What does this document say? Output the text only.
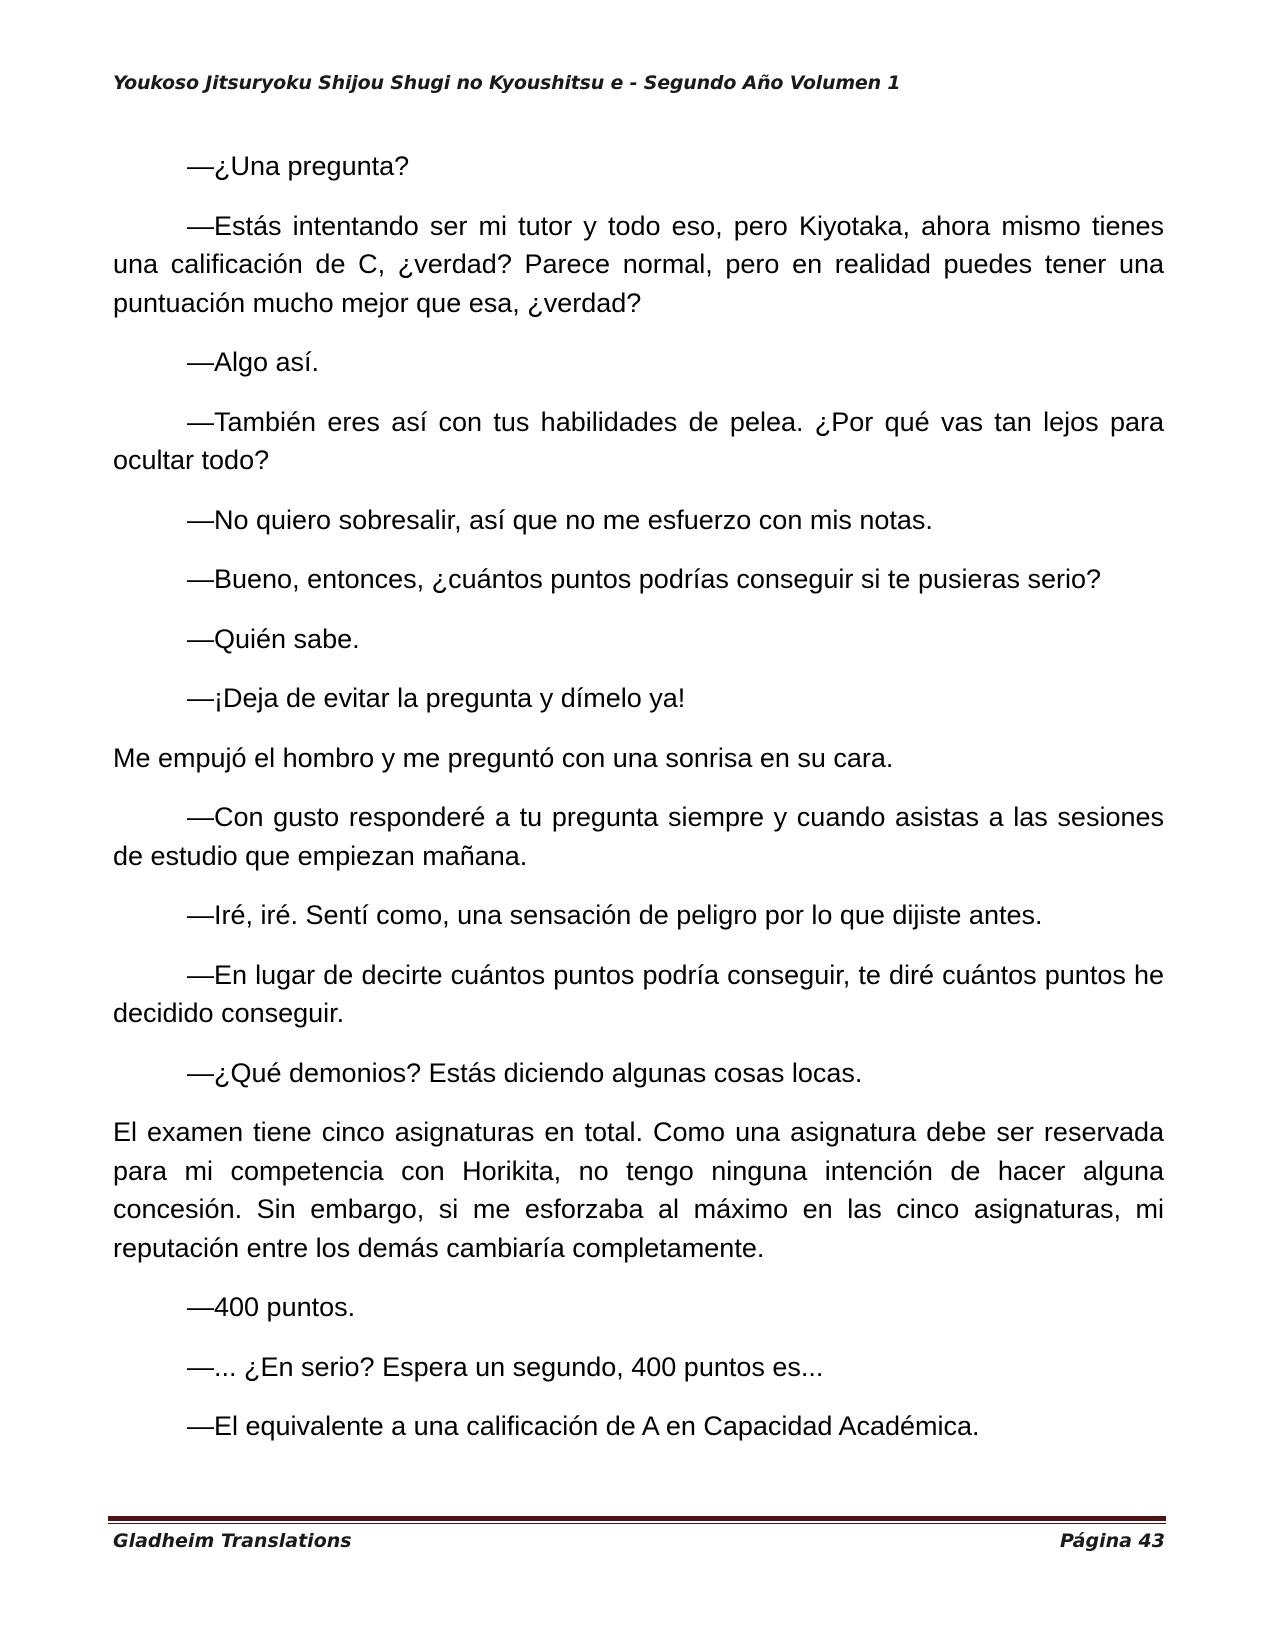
Youkoso Jitsuryoku Shijou Shugi no Kyoushitsu e - Segundo Año Volumen 1

—¿Una pregunta?

—Estás intentando ser mi tutor y todo eso, pero Kiyotaka, ahora mismo tienes una calificación de C, ¿verdad? Parece normal, pero en realidad puedes tener una puntuación mucho mejor que esa, ¿verdad?

—Algo así.

—También eres así con tus habilidades de pelea. ¿Por qué vas tan lejos para ocultar todo?

—No quiero sobresalir, así que no me esfuerzo con mis notas.

—Bueno, entonces, ¿cuántos puntos podrías conseguir si te pusieras serio?

—Quién sabe.

—¡Deja de evitar la pregunta y dímelo ya!

Me empujó el hombro y me preguntó con una sonrisa en su cara.

—Con gusto responderé a tu pregunta siempre y cuando asistas a las sesiones de estudio que empiezan mañana.

—Iré, iré. Sentí como, una sensación de peligro por lo que dijiste antes.

—En lugar de decirte cuántos puntos podría conseguir, te diré cuántos puntos he decidido conseguir.

—¿Qué demonios? Estás diciendo algunas cosas locas.

El examen tiene cinco asignaturas en total. Como una asignatura debe ser reservada para mi competencia con Horikita, no tengo ninguna intención de hacer alguna concesión. Sin embargo, si me esforzaba al máximo en las cinco asignaturas, mi reputación entre los demás cambiaría completamente.

—400 puntos.

—... ¿En serio? Espera un segundo, 400 puntos es...

—El equivalente a una calificación de A en Capacidad Académica.

Gladheim Translations	Página 43
